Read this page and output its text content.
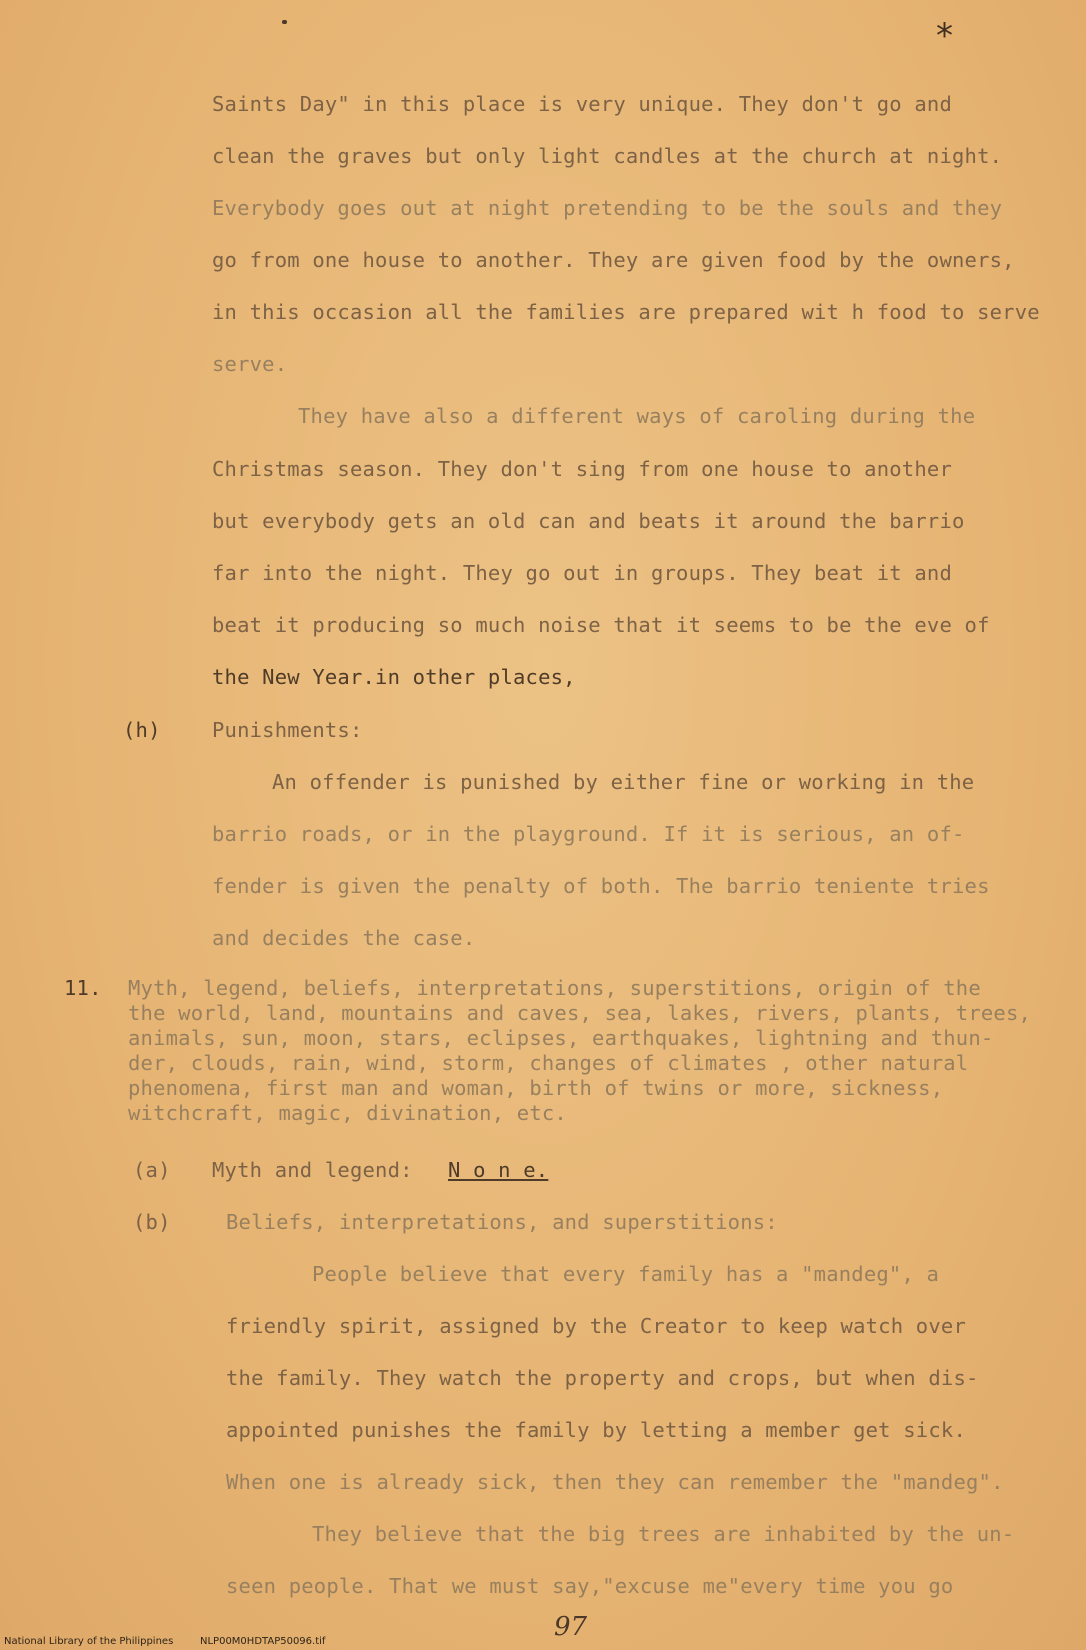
*
Saints Day" in this place is very unique. They don't go and
clean the graves but only light candles at the church at night.
Everybody goes out at night pretending to be the souls and they
go from one house to another. They are given food by the owners,
in this occasion all the families are prepared wit h food to serve
serve.
They have also a different ways of caroling during the
Christmas season. They don't sing from one house to another
but everybody gets an old can and beats it around the barrio
far into the night. They go out in groups. They beat it and
beat it producing so much noise that it seems to be the eve of
the New Year.in other places,
(h)	Punishments:
An offender is punished by either fine or working in the
barrio roads, or in the playground. If it is serious, an of-
fender is given the penalty of both. The barrio teniente tries
and decides the case.
11. Myth, legend, beliefs, interpretations, superstitions, origin of the
the world, land, mountains and caves, sea, lakes, rivers, plants, trees,
animals, sun, moon, stars, eclipses, earthquakes, lightning and thun-
der, clouds, rain, wind, storm, changes of climates , other natural
phenomena, first man and woman, birth of twins or more, sickness,
witchcraft, magic, divination, etc.
(a) Myth and legend: N o n e.
(b)	Beliefs, interpretations, and superstitions:
People believe that every family has a "mandeg", a
friendly spirit, assigned by the Creator to keep watch over
the family. They watch the property and crops, but when dis-
appointed punishes the family by letting a member get sick.
When one is already sick, then they can remember the "mandeg".
They believe that the big trees are inhabited by the un-
seen people. That we must say,"excuse me"every time you go
97
National Library of the Philippines	NLP00M0HDTAP50096.tif
